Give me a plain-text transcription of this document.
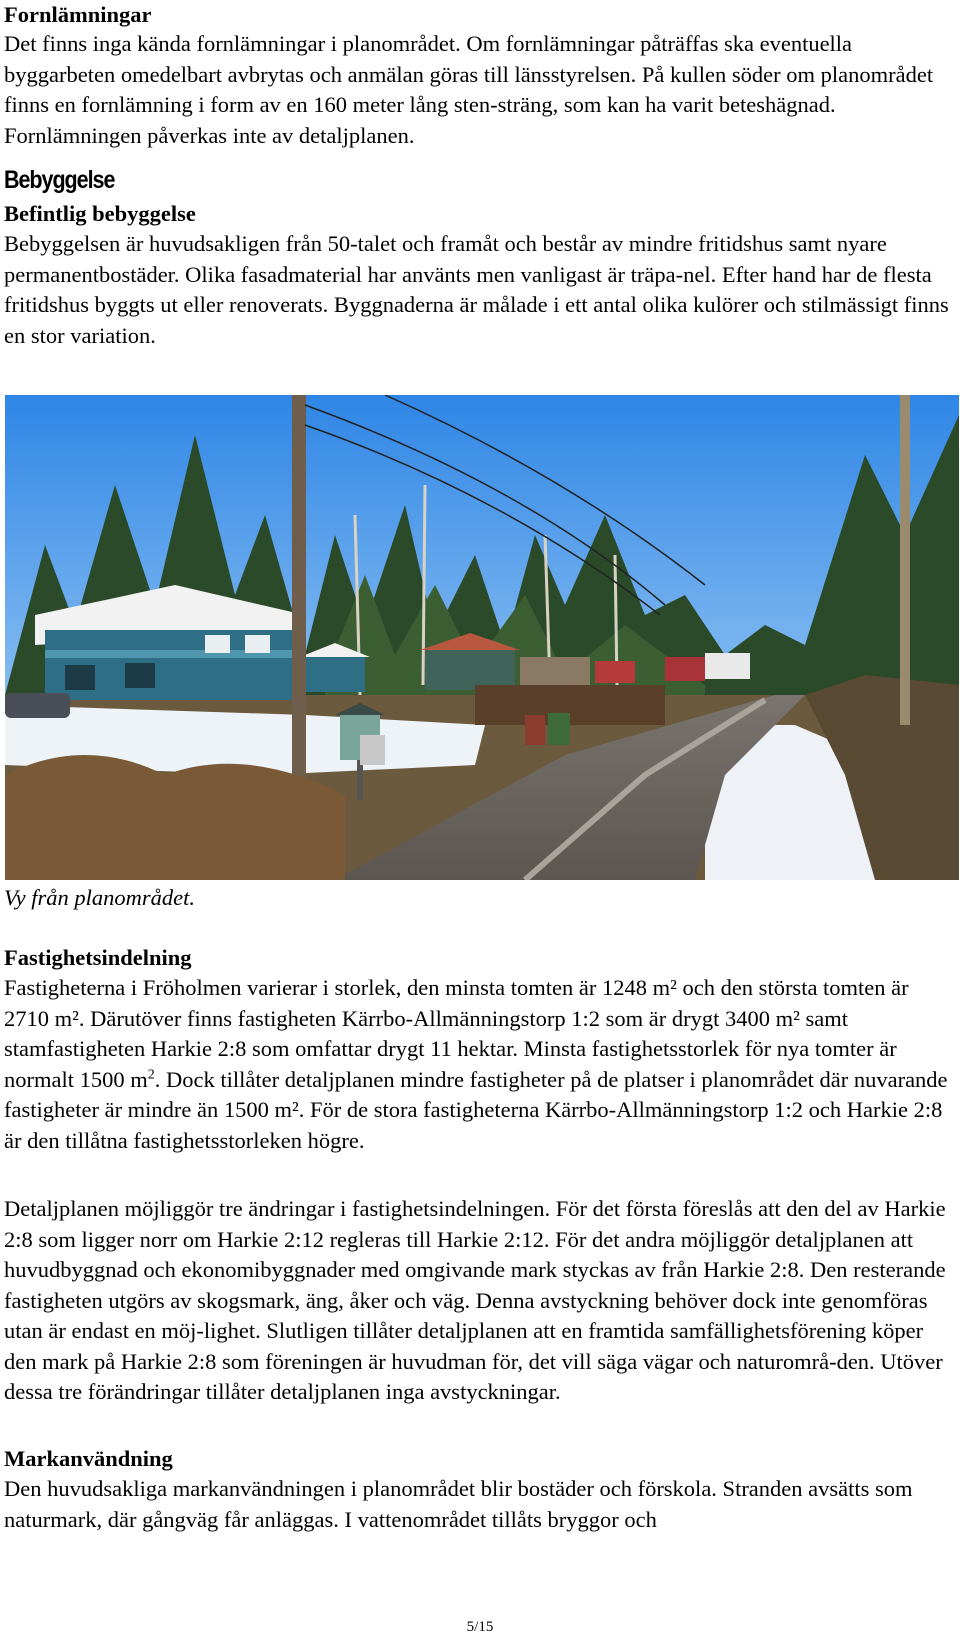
Fornlämningar

Det finns inga kända fornlämningar i planområdet. Om fornlämningar påträffas ska eventuella byggarbeten omedelbart avbrytas och anmälan göras till länsstyrelsen. På kullen söder om planområdet finns en fornlämning i form av en 160 meter lång sten-sträng, som kan ha varit beteshägnad. Fornlämningen påverkas inte av detaljplanen.

Bebyggelse
Befintlig bebyggelse

Bebyggelsen är huvudsakligen från 50-talet och framåt och består av mindre fritidshus samt nyare permanentbostäder. Olika fasadmaterial har använts men vanligast är träpa-nel. Efter hand har de flesta fritidshus byggts ut eller renoverats. Byggnaderna är målade i ett antal olika kulörer och stilmässigt finns en stor variation.

Vy från planområdet.

Fastighetsindelning

Fastigheterna i Fröholmen varierar i storlek, den minsta tomten är 1248 m² och den största tomten är 2710 m². Därutöver finns fastigheten Kärrbo-Allmänningstorp 1:2 som är drygt 3400 m² samt stamfastigheten Harkie 2:8 som omfattar drygt 11 hektar. Minsta fastighetsstorlek för nya tomter är normalt 1500 $m^2$. Dock tillåter detaljplanen mindre fastigheter på de platser i planområdet där nuvarande fastigheter är mindre än 1500 m². För de stora fastigheterna Kärrbo-Allmänningstorp 1:2 och Harkie 2:8 är den tillåtna fastighetsstorleken högre.

Detaljplanen möjliggör tre ändringar i fastighetsindelningen. För det första föreslås att den del av Harkie 2:8 som ligger norr om Harkie 2:12 regleras till Harkie 2:12. För det andra möjliggör detaljplanen att huvudbyggnad och ekonomibyggnader med omgivande mark styckas av från Harkie 2:8. Den resterande fastigheten utgörs av skogsmark, äng, åker och väg. Denna avstyckning behöver dock inte genomföras utan är endast en möj-lighet. Slutligen tillåter detaljplanen att en framtida samfällighetsförening köper den mark på Harkie 2:8 som föreningen är huvudman för, det vill säga vägar och naturområ-den. Utöver dessa tre förändringar tillåter detaljplanen inga avstyckningar.

Markanvändning

Den huvudsakliga markanvändningen i planområdet blir bostäder och förskola. Stranden avsätts som naturmark, där gångväg får anläggas. I vattenområdet tillåts bryggor och

5/15
